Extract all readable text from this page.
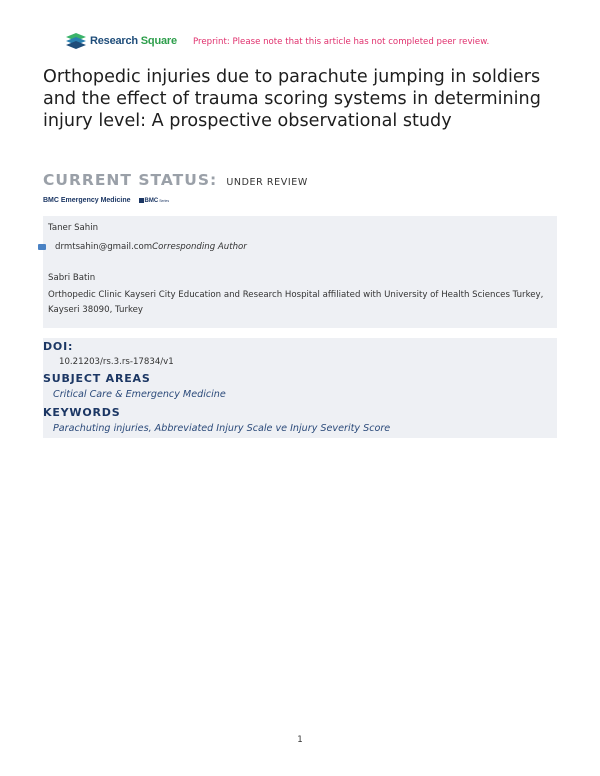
Research Square Preprint: Please note that this article has not completed peer review.
Orthopedic injuries due to parachute jumping in soldiers and the effect of trauma scoring systems in determining injury level: A prospective observational study
CURRENT STATUS: UNDER REVIEW
BMC Emergency Medicine BMC Series
Taner Sahin
drmtsahin@gmail.comCorresponding Author
Sabri Batin
Orthopedic Clinic Kayseri City Education and Research Hospital affiliated with University of Health Sciences Turkey, Kayseri 38090, Turkey
DOI:
10.21203/rs.3.rs-17834/v1
SUBJECT AREAS
Critical Care & Emergency Medicine
KEYWORDS
Parachuting injuries, Abbreviated Injury Scale ve Injury Severity Score
1
